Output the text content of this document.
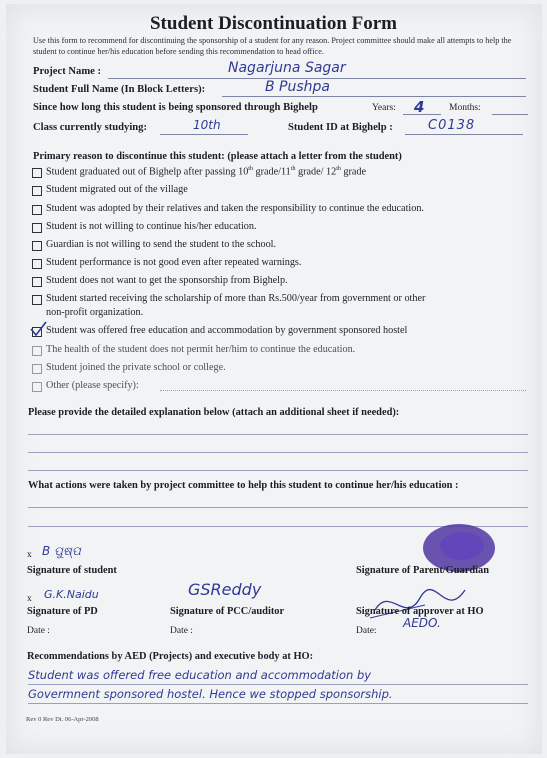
Student Discontinuation Form
Use this form to recommend for discontinuing the sponsorship of a student for any reason. Project committee should make all attempts to help the student to continue her/his education before sending this recommendation to head office.
Project Name :	Nagarjuna Sagar
Student Full Name (In Block Letters):	B Pushpa
Since how long this student is being sponsored through Bighelp	Years: 4	Months:
Class currently studying:	10th	Student ID at Bighelp :	C0138
Primary reason to discontinue this student: (please attach a letter from the student)
Student graduated out of Bighelp after passing 10th grade/11th grade/ 12th grade
Student migrated out of the village
Student was adopted by their relatives and taken the responsibility to continue the education.
Student is not willing to continue his/her education.
Guardian is not willing to send the student to the school.
Student performance is not good even after repeated warnings.
Student does not want to get the sponsorship from Bighelp.
Student started receiving the scholarship of more than Rs.500/year from government or other
non-profit organization.
Student was offered free education and accommodation by government sponsored hostel
The health of the student does not permit her/him to continue the education.
Student joined the private school or college.
Other (please specify):
Please provide the detailed explanation below (attach an additional sheet if needed):
What actions were taken by project committee to help this student to continue her/his education :
x B ପୁଷ୍ପ
Signature of student	Signature of Parent/Guardian
x G.K.Naidu
Signature of PD
GSReddy
Signature of PCC/auditor	Signature of approver at HO
Date :	Date :	Date:
AEDO.
Recommendations by AED (Projects) and executive body at HO:
Student was offered free education and accommodation by
Govermnent sponsored hostel. Hence we stopped sponsorship.
Rev 0 Rev Dt. 06-Apr-2008
